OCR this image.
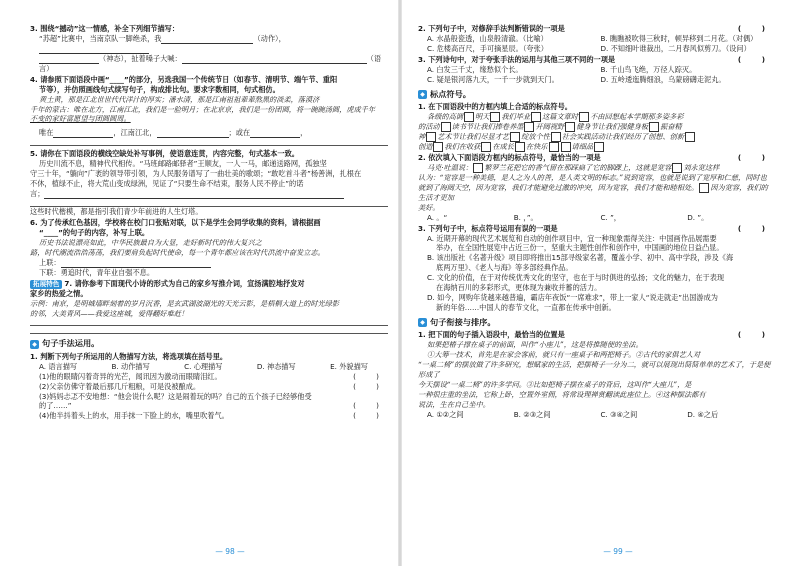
3. 围绕“撼动”这一情感，补全下列细节描写：

“苏超”比赛中，当南京队一脚绝杀，我	（动作），

（神态），扯着嗓子大喊：	（语言）

4. 请参照下面语段中画“____”的部分，另选我国一个传统节日（如春节、清明节、端午节、重阳

节等），并仿照画线句式续写句子，构成排比句。要求字数相同，句式相仿。

黄土黄，那是江北世世代代洋汁的厚实；潘水清，那是江南祖祖辈辈熬黑的淡柔，落漠济

千年的蒙古：唯在北方，江南江北，我们是一脸明月；在北京京，我们是一份团圆，将一碗碗汤圆，虎成千年

不变的家好富愿望与团圆圆周。

唯在	，江南江北，	；或在	，

5. 请你在下面语段的横线空缺处补写事例，使语意连贯，内容完整，句式基本一致。

历史川流不息，精神代代相传。“马班邮路邮驿者”王顺友，一人一马，邮递送路网，孤独坚

守三十年，“躺向”广袤的领导带引领，为人民服务谱写了一曲壮美的歌颂；“敢吃首斗者”杨善洲，扎根在

不休，植绿不止，将大荒山变成绿洲，见证了“只要生命不结束，服务人民不停止”的诺

言；

这些时代楷模，都是指引我们青少年前进的人生灯塔。

6. 为了传承红色基因，学校将在校门口张贴对联，以下是学生会同学收集的资料，请根据画

“____”的句子的内容，补写上联。

历史书法说漂亮如此，中华民族最自为大显，走好新时代的伟大复兴之

路，时代潮流浩浩荡荡，我们要肩负起时代使命，每一个青年都应该在时代洪流中奋发立志。

上联：

下联：勇追时代，青年业自强不息。

拓展特色 7. 请你参考下面现代小诗的形式为自己的家乡写推介词，宣扬满腔地抒发对

家乡的热爱之情。

示例：南京，是明城墙畔刻着的岁月沉香，是玄武湖波湖光的天光云影，是梧桐大道上的时光绿影

的邻，大美青风——我爱这座城，爱得翻好难赶！

◆ 句子手法运用。

1. 判断下列句子所运用的人物描写方法，将选项填在括号里。

A. 语言描写	B. 动作描写	C. 心理描写	D. 神态描写	E. 外貌描写

(1)他的眼睛闪着奇异的光芒，闻讯因为激动而眼睛泪红。	( )

(2)父亲仿佛守着最后那几斤粗粮，可是没被酿成。	( )

(3)妈妈忐忑不安地想：“他会说什么呢？这是闹着玩的吗？自己的五个孩子已经够他受

的了……”	( )

(4)他半抖着头上的水，用手抹一下脸上的水，嘴里吹着气。	( )

— 98 —

2. 下列句子中，对修辞手法判断错误的一项是	( )

A. 水晶般瓷透，山泉般清澈。（比喻）	B. 瞧瞧被吹得三秋时，顿异移到二月花。（对偶）
C. 危楼高百尺，手可摘星辰。（夸张）	D. 不知细叶谁裁出，二月春风似剪刀。（设问）

3. 下列诗句中，对于夸张手法的运用与其他三项不同的一项是	( )

A. 白发三千丈，缘愁似个长。	B. 千山鸟飞绝，万径人踪灭。
C. 疑是银河落九天，一千一步就到天门。	D. 五岭逶迤腾细浪，乌蒙磅礴走泥丸。
◆ 标点符号。

1. 在下面语段中的方框内填上合适的标点符号。

各级的高调 明天 我们毕业 这篇文章时 不由回想起本学期那多姿多彩

的活动 读书节让我们捧卷养墨 开阔视野 健身节让我们强健身板 振奋精

神 艺术节让我们尽显才艺 绽放个性 社会实践活动让我们经历了创想、创新

创造 我们在收获 在成长 在快乐	请细品

2. 依次填入下面语段方框内的标点符号，最恰当的一项是	( )

马克·吐温说： 繁罗兰花把它的香气留在那踩扁了它的脚踝上，这就是宽容 刘永宽这样

认为：“宽容是一种美德，是人之为人的善，是人类文明的标志。”说到宽容，也就是说到了宽厚和仁慈，同时也

就到了海阔天空，因为宽容，我们才能避免过激的冲突，因为宽容，我们才能和睦相处。 因为宽容，我们的生活才更加

美好。

A. 。“	B. ，”。	C. ”，	D. ”。

3. 下列句子中，标点符号运用有误的一项是	( )

A. 近期开幕的现代艺术展览和自动的创作项目中，宜一种现象需得关注：中国画作品展需要

举办，在全国性展览中占近三份一，坚重大主题性创作和创作中，中国画的地位日益凸显。

B. 该出版社《名著升级》项目即将推出15部寻级家名著，覆盖小学、初中、高中学段，涉及《海

底两万里》、《老人与海》等多部经典作品。

C. 文化的价值，在于对传统优秀文化的坚守，也在于与时俱进的弘扬；文化的魅力，在于表现

在海纳百川的多彩形式，更体现为兼收并蓄的活力。

D. 如今，网购年货越来越普遍，霸店年夜饭“一席难求”，带上一家人“说走就走”出国游成为

新的年俗……中国人的春节文化，一直都在传承中创新。

◆ 句子衔接与排序。

1. 把下面的句子插入语段中，最恰当的位置是	( )

如果把椿子撑在桌子的前面，叫作“小座儿”，这是将推随便的坐法。

①大筹一技术，首先是在家会客前，就只有一座桌子和两把椅子。②古代的家俱艺人对

“一桌二椅”的摆放做了许多研究，想赋家的生活，把摆椅子一分为二，就可以展现出简简单单的艺术了，于是便形成了

今天摆设“一桌二椅”的许多学问。③比如把椅子摆在桌子的背后，这叫作“大座儿”，是

一种很庄重的坐法，它称上卧，空置外室佣，将常设理禅赏翻读此座位上。④这种摆法都有

说法，生在自己坐中。

A. ①②之间	B. ②③之间	C. ③④之间	D. ④之后
— 99 —
